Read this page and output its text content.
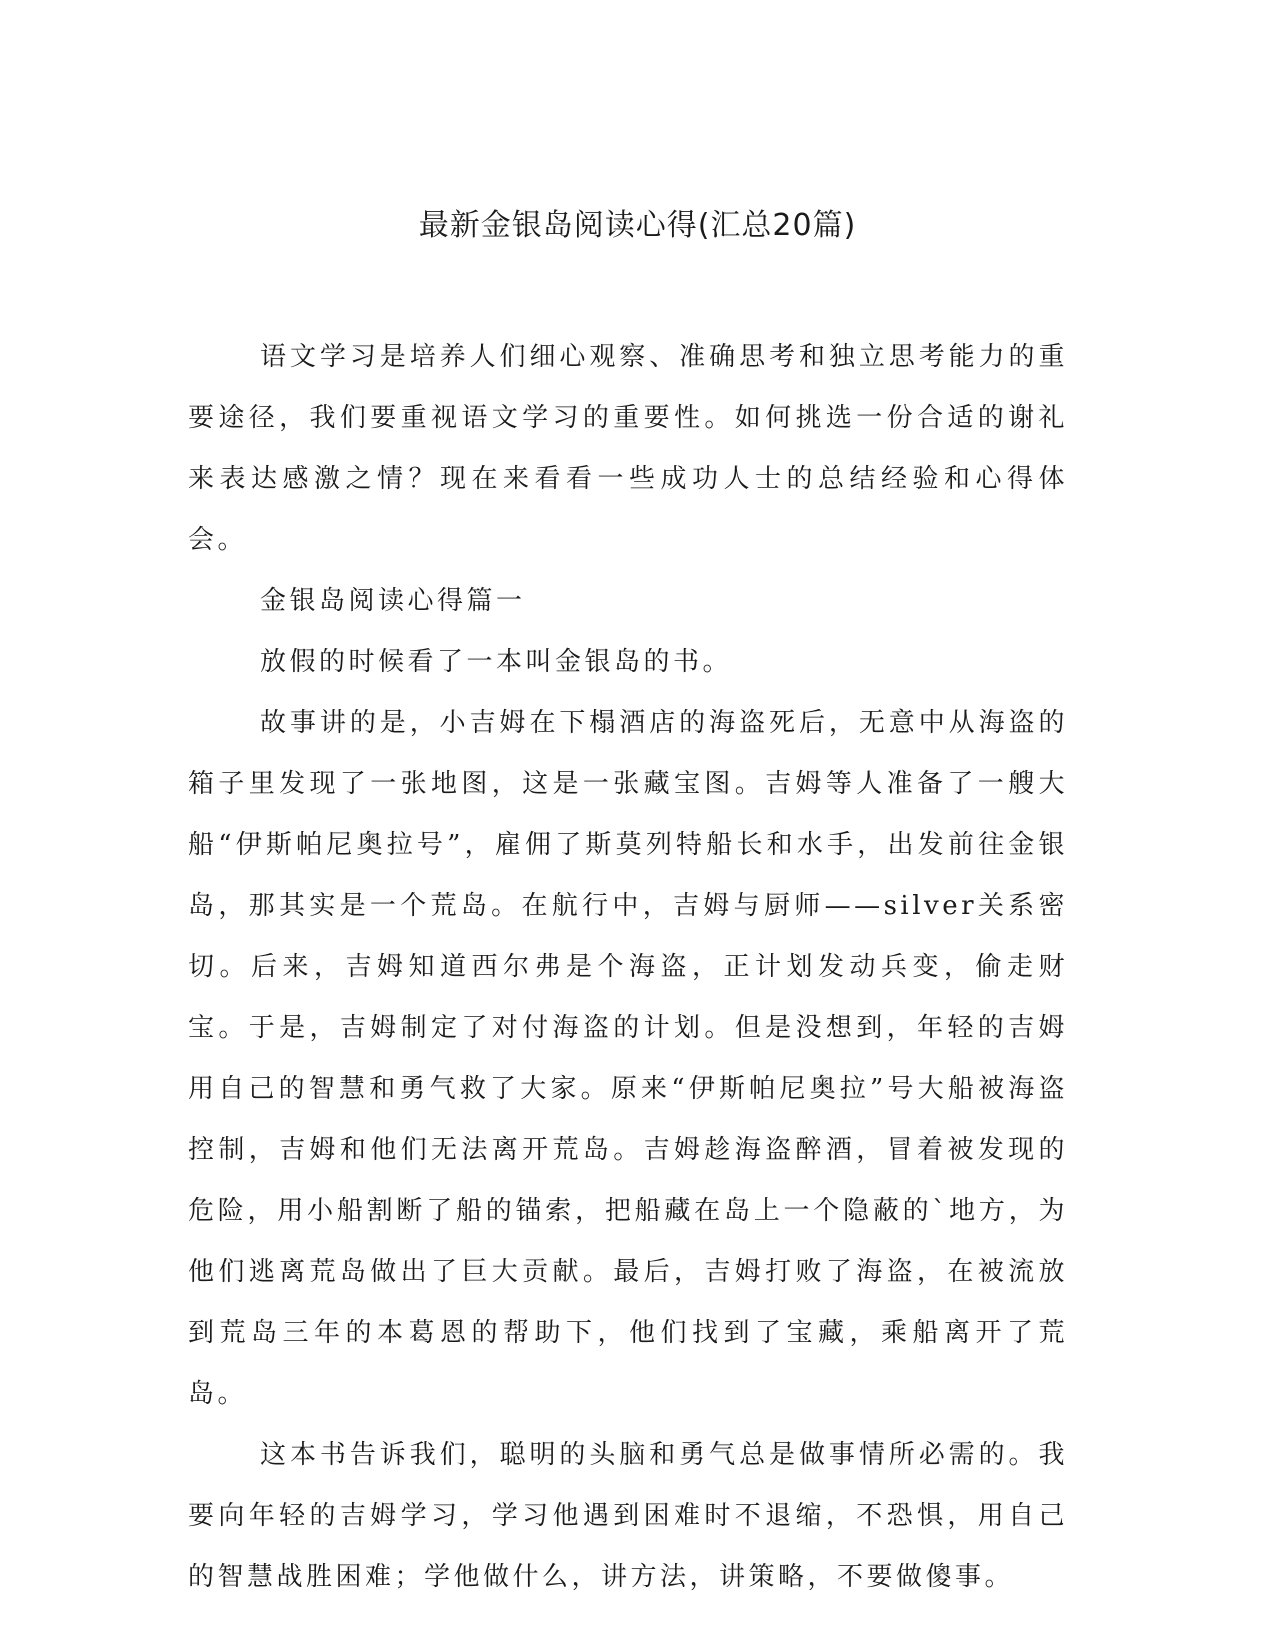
最新金银岛阅读心得(汇总20篇)

语文学习是培养人们细心观察、准确思考和独立思考能力的重要途径，我们要重视语文学习的重要性。如何挑选一份合适的谢礼来表达感激之情？现在来看看一些成功人士的总结经验和心得体会。

金银岛阅读心得篇一

放假的时候看了一本叫金银岛的书。

故事讲的是，小吉姆在下榻酒店的海盗死后，无意中从海盗的箱子里发现了一张地图，这是一张藏宝图。吉姆等人准备了一艘大船“伊斯帕尼奥拉号”，雇佣了斯莫列特船长和水手，出发前往金银岛，那其实是一个荒岛。在航行中，吉姆与厨师——silver关系密切。后来，吉姆知道西尔弗是个海盗，正计划发动兵变，偷走财宝。于是，吉姆制定了对付海盗的计划。但是没想到，年轻的吉姆用自己的智慧和勇气救了大家。原来“伊斯帕尼奥拉”号大船被海盗控制，吉姆和他们无法离开荒岛。吉姆趁海盗醉酒，冒着被发现的危险，用小船割断了船的锚索，把船藏在岛上一个隐蔽的`地方，为他们逃离荒岛做出了巨大贡献。最后，吉姆打败了海盗，在被流放到荒岛三年的本葛恩的帮助下，他们找到了宝藏，乘船离开了荒岛。

这本书告诉我们，聪明的头脑和勇气总是做事情所必需的。我要向年轻的吉姆学习，学习他遇到困难时不退缩，不恐惧，用自己的智慧战胜困难；学他做什么，讲方法，讲策略，不要做傻事。
